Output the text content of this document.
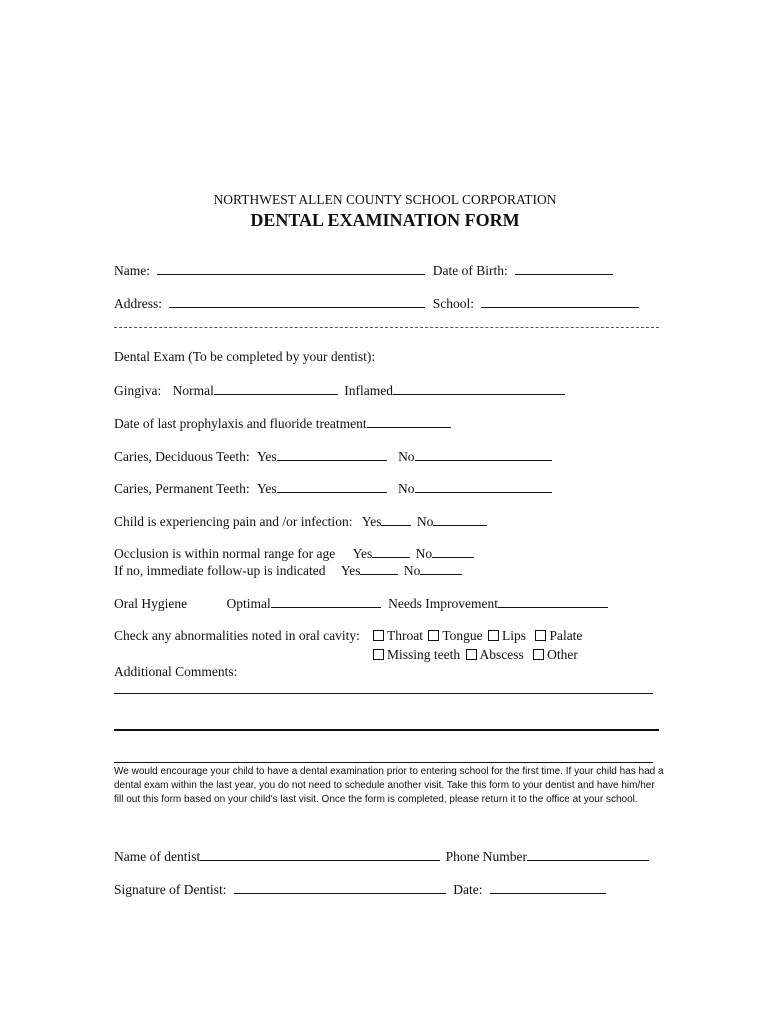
NORTHWEST ALLEN COUNTY SCHOOL CORPORATION
DENTAL EXAMINATION FORM
Name:	Date of Birth:
Address:	School:
Dental Exam (To be completed by your dentist):
Gingiva: Normal	Inflamed
Date of last prophylaxis and fluoride treatment
Caries, Deciduous Teeth: Yes	No
Caries, Permanent Teeth: Yes	No
Child is experiencing pain and /or infection: Yes	No
Occlusion is within normal range for age Yes	No
If no, immediate follow-up is indicated Yes	No
Oral Hygiene	Optimal	Needs Improvement
Check any abnormalities noted in oral cavity:	Throat Tongue Lips Palate
Missing teeth Abscess Other
Additional Comments:
We would encourage your child to have a dental examination prior to entering school for the first time. If your child has had a dental exam within the last year, you do not need to schedule another visit. Take this form to your dentist and have him/her fill out this form based on your child's last visit. Once the form is completed, please return it to the office at your school.
Name of dentist	Phone Number
Signature of Dentist:	Date:
